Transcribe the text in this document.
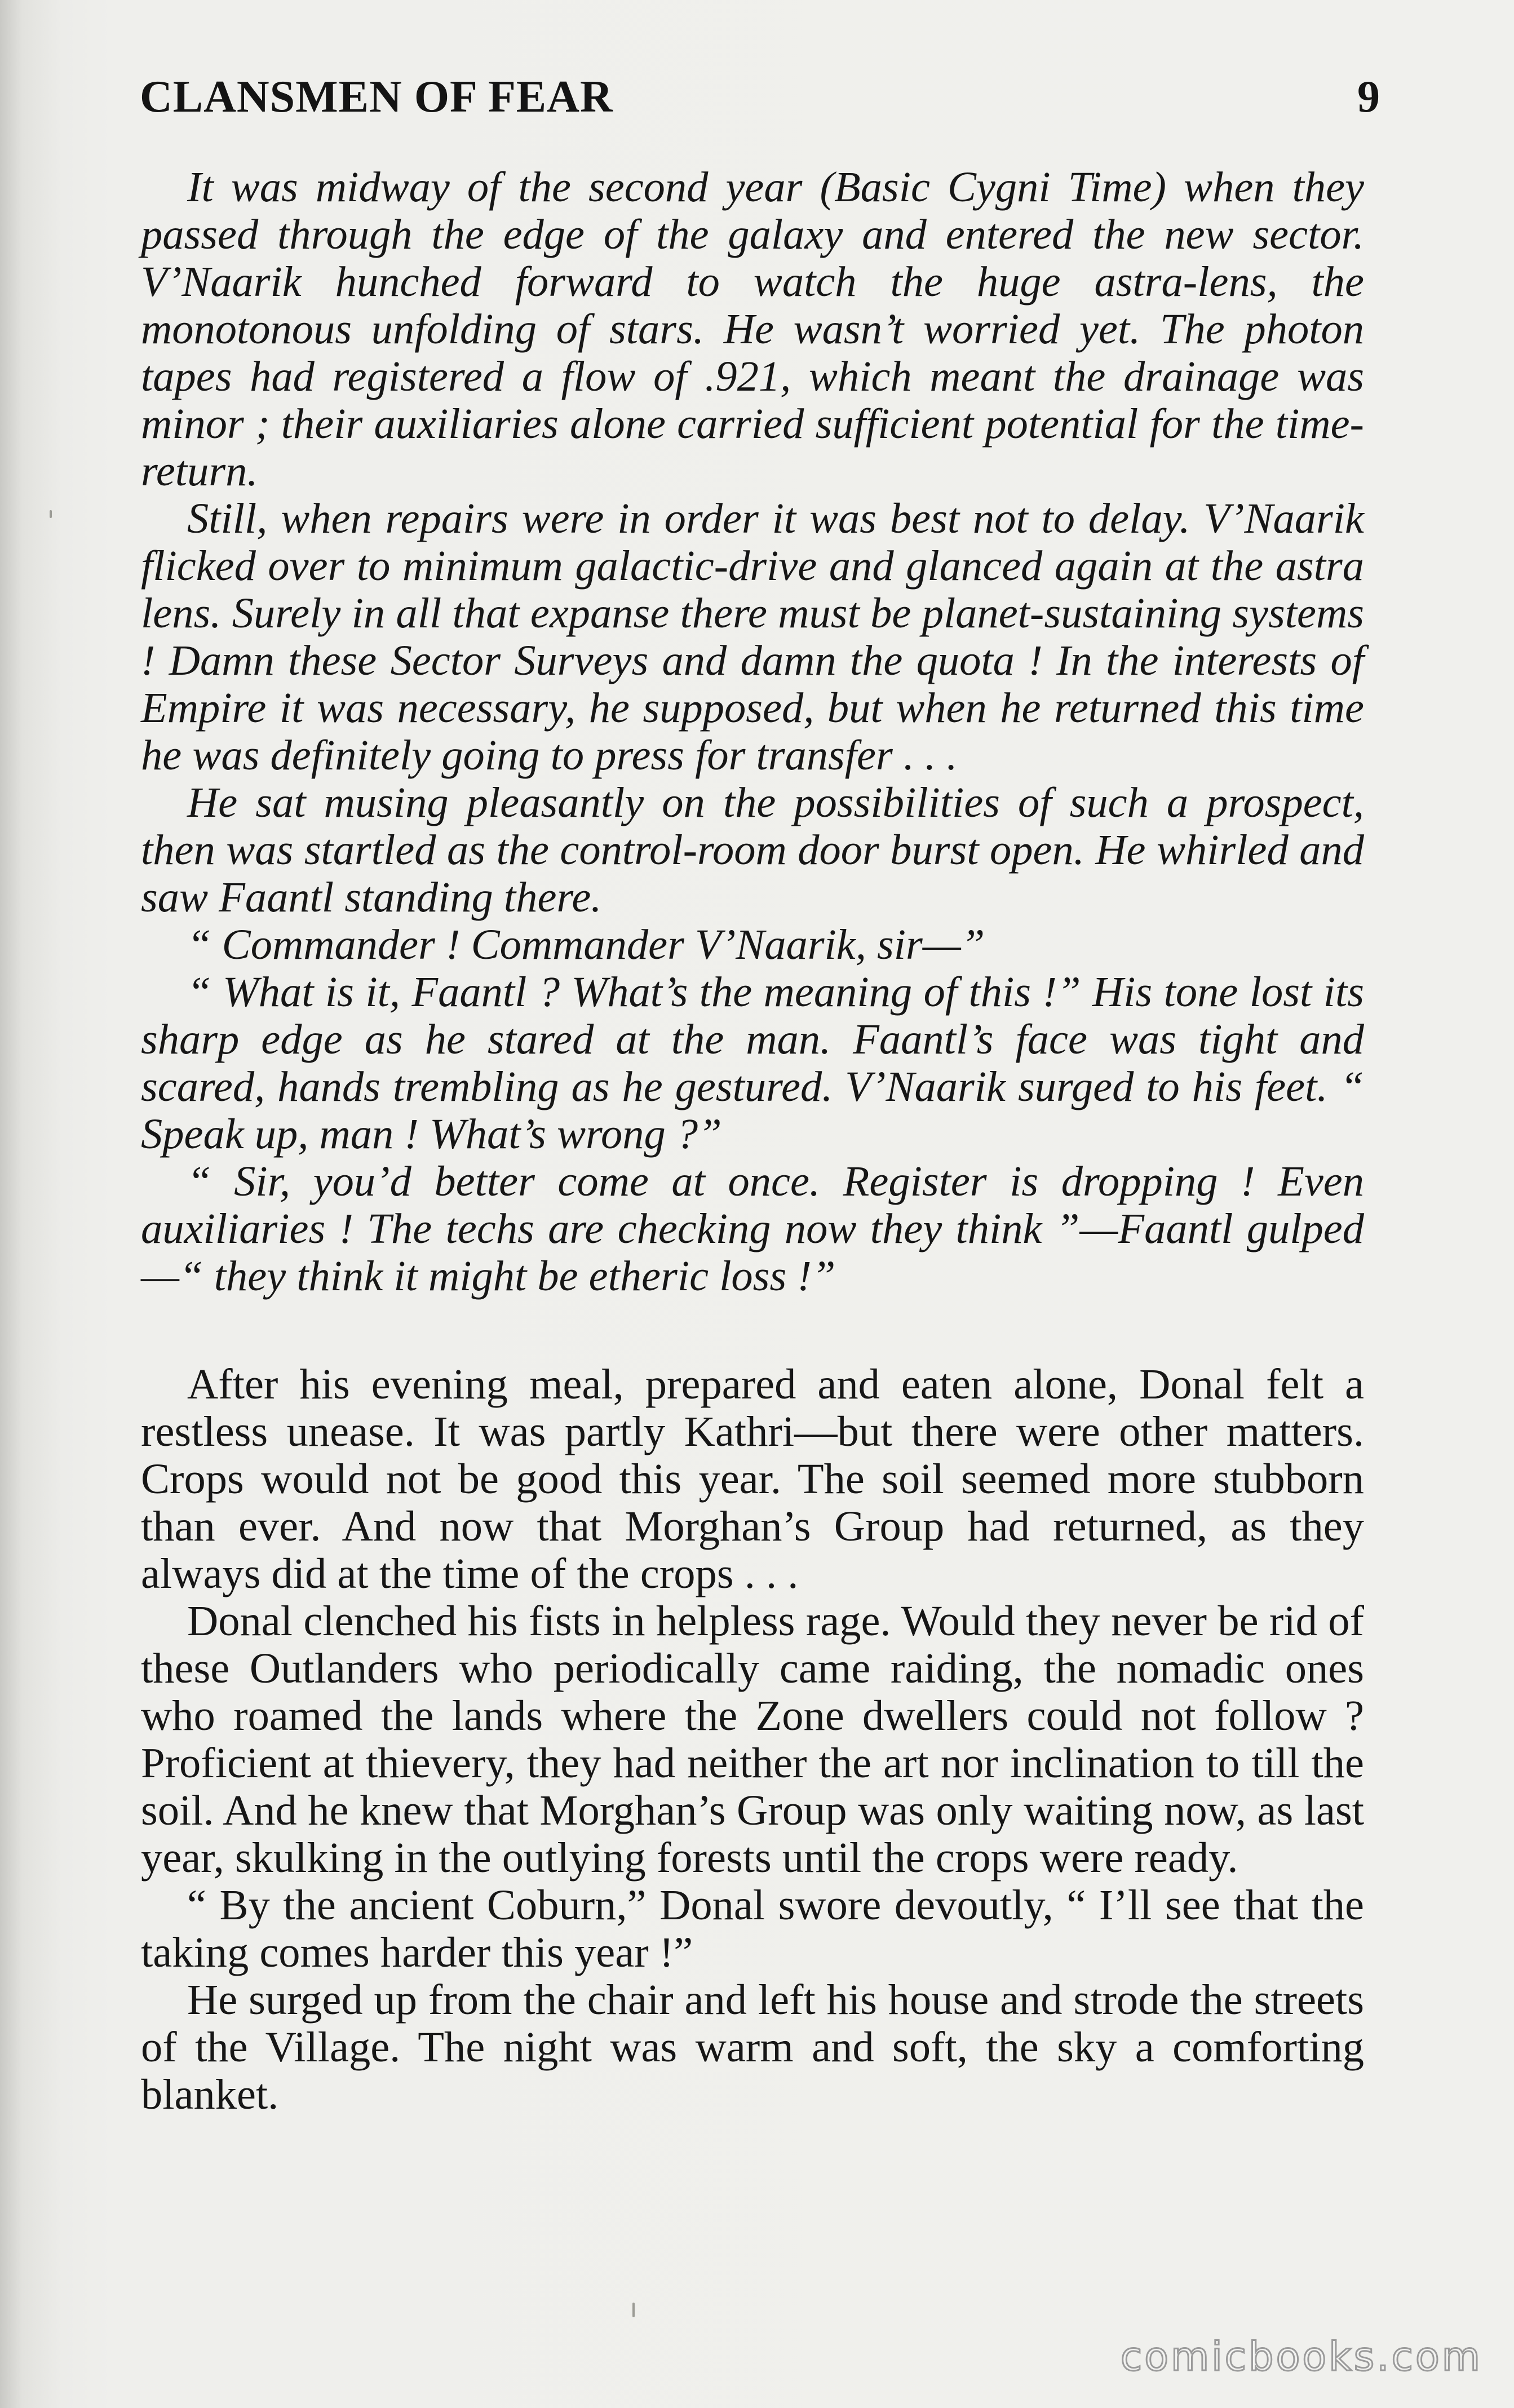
CLANSMEN OF FEAR	9

It was midway of the second year (Basic Cygni Time) when they passed through the edge of the galaxy and entered the new sector. V’Naarik hunched forward to watch the huge astra-lens, the monotonous unfolding of stars. He wasn’t worried yet. The photon tapes had registered a flow of .921, which meant the drainage was minor ; their auxiliaries alone carried sufficient potential for the time-return.

Still, when repairs were in order it was best not to delay. V’Naarik flicked over to minimum galactic-drive and glanced again at the astra lens. Surely in all that expanse there must be planet-sustaining systems ! Damn these Sector Surveys and damn the quota ! In the interests of Empire it was necessary, he supposed, but when he returned this time he was definitely going to press for transfer . . .

He sat musing pleasantly on the possibilities of such a prospect, then was startled as the control-room door burst open. He whirled and saw Faantl standing there.

“ Commander ! Commander V’Naarik, sir—”

“ What is it, Faantl ? What’s the meaning of this !” His tone lost its sharp edge as he stared at the man. Faantl’s face was tight and scared, hands trembling as he gestured. V’Naarik surged to his feet. “ Speak up, man ! What’s wrong ?”

“ Sir, you’d better come at once. Register is dropping ! Even auxiliaries ! The techs are checking now they think ”—Faantl gulped—“ they think it might be etheric loss !”

After his evening meal, prepared and eaten alone, Donal felt a restless unease. It was partly Kathri—but there were other matters. Crops would not be good this year. The soil seemed more stubborn than ever. And now that Morghan’s Group had returned, as they always did at the time of the crops . . .

Donal clenched his fists in helpless rage. Would they never be rid of these Outlanders who periodically came raiding, the nomadic ones who roamed the lands where the Zone dwellers could not follow ? Proficient at thievery, they had neither the art nor inclination to till the soil. And he knew that Morghan’s Group was only waiting now, as last year, skulking in the outlying forests until the crops were ready.

“ By the ancient Coburn,” Donal swore devoutly, “ I’ll see that the taking comes harder this year !”

He surged up from the chair and left his house and strode the streets of the Village. The night was warm and soft, the sky a comforting blanket.

comicbooks.com
